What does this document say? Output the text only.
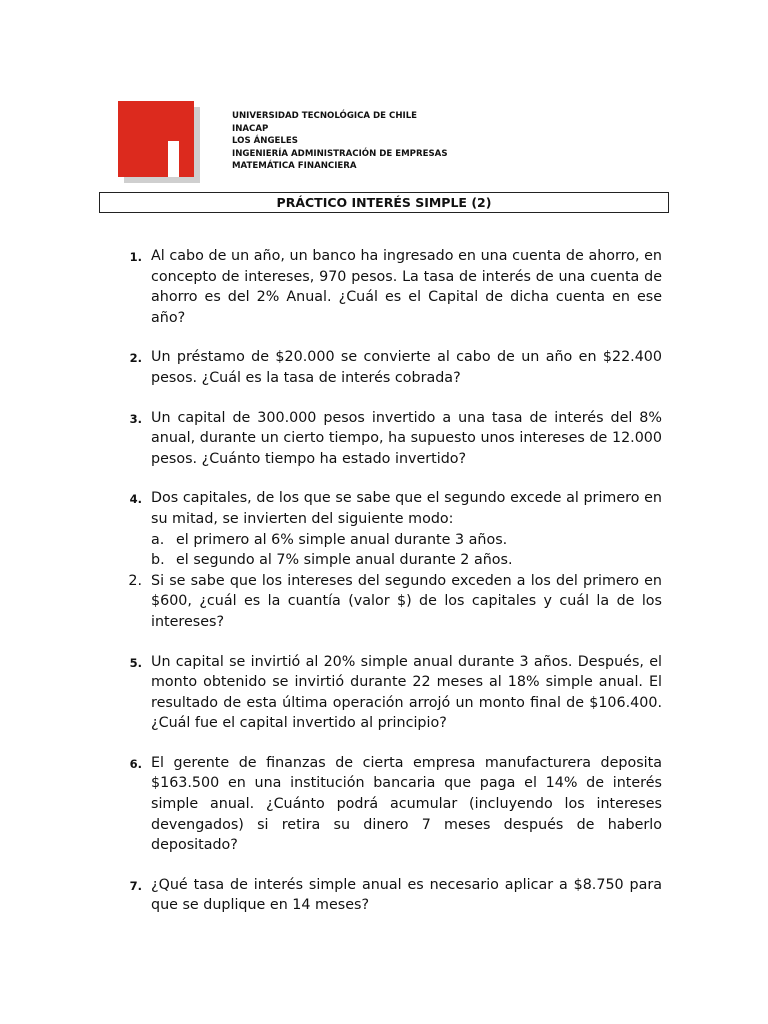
UNIVERSIDAD TECNOLÓGICA DE CHILE
INACAP
LOS ÁNGELES
INGENIERÍA ADMINISTRACIÓN DE EMPRESAS
MATEMÁTICA FINANCIERA
PRÁCTICO INTERÉS SIMPLE (2)
1. Al cabo de un año, un banco ha ingresado en una cuenta de ahorro, en concepto de intereses, 970 pesos. La tasa de interés de una cuenta de ahorro es del 2% Anual. ¿Cuál es el Capital de dicha cuenta en ese año?
2. Un préstamo de $20.000 se convierte al cabo de un año en $22.400 pesos. ¿Cuál es la tasa de interés cobrada?
3. Un capital de 300.000 pesos invertido a una tasa de interés del 8% anual, durante un cierto tiempo, ha supuesto unos intereses de 12.000 pesos. ¿Cuánto tiempo ha estado invertido?
4. Dos capitales, de los que se sabe que el segundo excede al primero en su mitad, se invierten del siguiente modo:
a. el primero al 6% simple anual durante 3 años.
b. el segundo al 7% simple anual durante 2 años.
2. Si se sabe que los intereses del segundo exceden a los del primero en $600, ¿cuál es la cuantía (valor $) de los capitales y cuál la de los intereses?
5. Un capital se invirtió al 20% simple anual durante 3 años. Después, el monto obtenido se invirtió durante 22 meses al 18% simple anual. El resultado de esta última operación arrojó un monto final de $106.400. ¿Cuál fue el capital invertido al principio?
6. El gerente de finanzas de cierta empresa manufacturera deposita $163.500 en una institución bancaria que paga el 14% de interés simple anual. ¿Cuánto podrá acumular (incluyendo los intereses devengados) si retira su dinero 7 meses después de haberlo depositado?
7. ¿Qué tasa de interés simple anual es necesario aplicar a $8.750 para que se duplique en 14 meses?
